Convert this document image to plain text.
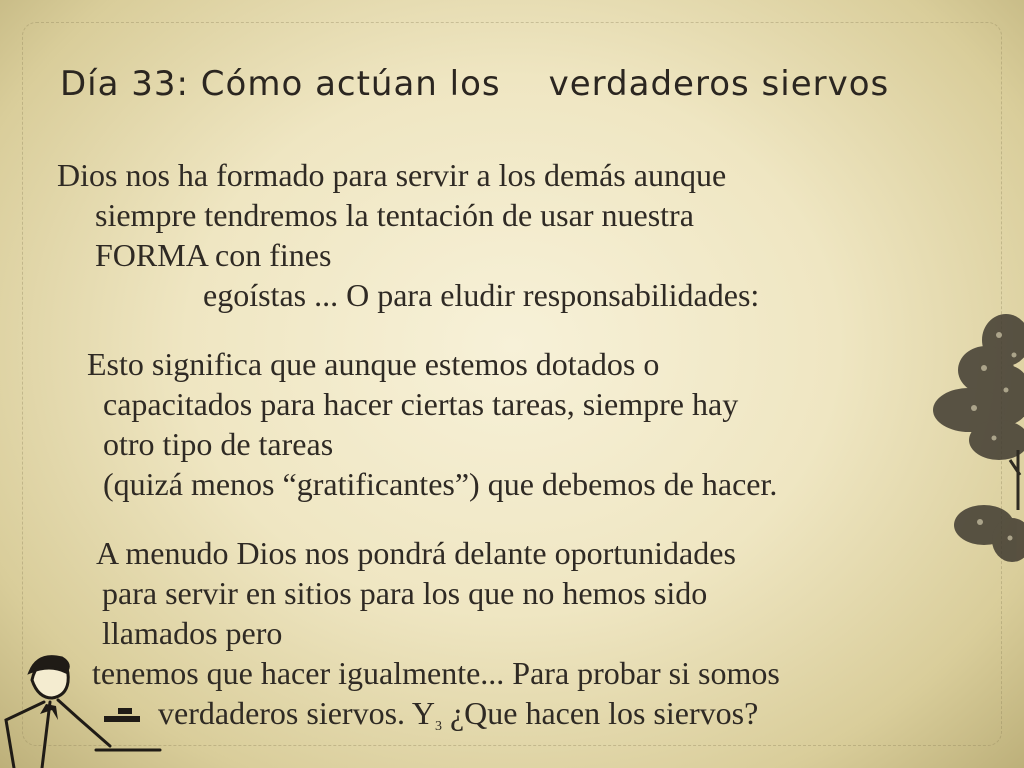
Día 33: Cómo actúan los verdaderos siervos

Dios nos ha formado para servir a los demás aunque
siempre tendremos la tentación de usar nuestra
FORMA con fines
egoístas ... O para eludir responsabilidades:

Esto significa que aunque estemos dotados o
capacitados para hacer ciertas tareas, siempre hay
otro tipo de tareas
(quizá menos “gratificantes”) que debemos de hacer.

A menudo Dios nos pondrá delante oportunidades
para servir en sitios para los que no hemos sido
llamados pero
tenemos que hacer igualmente... Para probar si somos
verdaderos siervos. Y3 ¿Que hacen los siervos?
